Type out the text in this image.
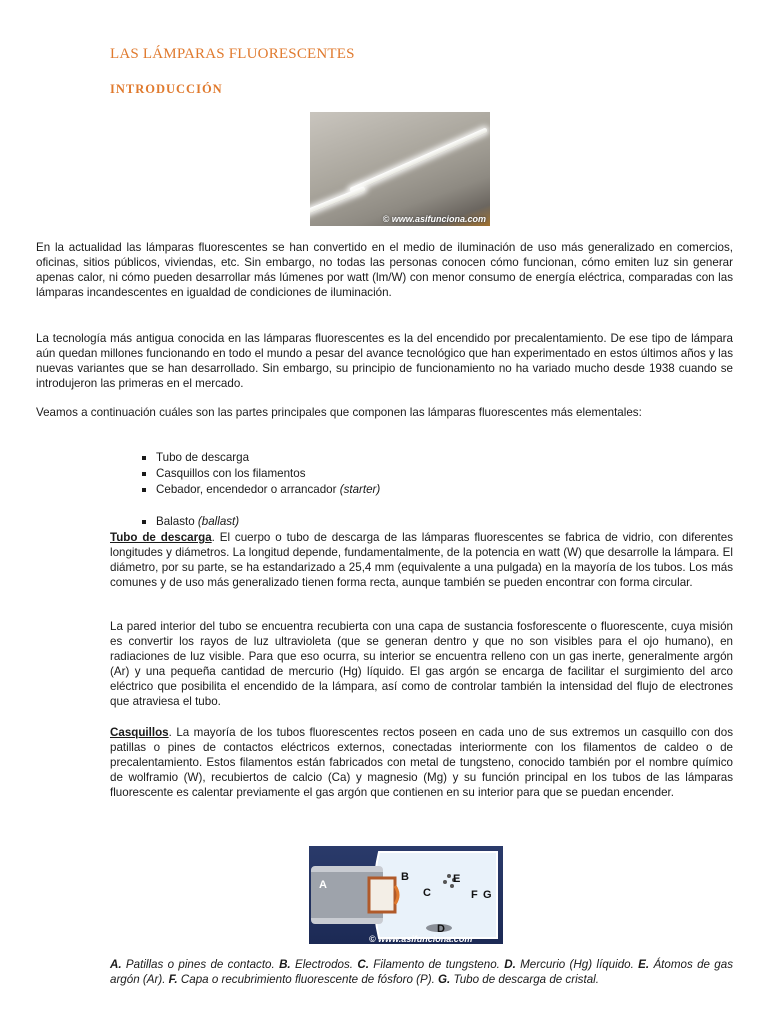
LAS LÁMPARAS FLUORESCENTES
INTRODUCCIÓN
© www.asifunciona.com

En la actualidad las lámparas fluorescentes se han convertido en el medio de iluminación de uso más generalizado en comercios, oficinas, sitios públicos, viviendas, etc. Sin embargo, no todas las personas conocen cómo funcionan, cómo emiten luz sin generar apenas calor, ni cómo pueden desarrollar más lúmenes por watt (lm/W) con menor consumo de energía eléctrica, comparadas con las lámparas incandescentes en igualdad de condiciones de iluminación.

La tecnología más antigua conocida en las lámparas fluorescentes es la del encendido por precalentamiento. De ese tipo de lámpara aún quedan millones funcionando en todo el mundo a pesar del avance tecnológico que han experimentado en estos últimos años y las nuevas variantes que se han desarrollado. Sin embargo, su principio de funcionamiento no ha variado mucho desde 1938 cuando se introdujeron las primeras en el mercado.

Veamos a continuación cuáles son las partes principales que componen las lámparas fluorescentes más elementales:

Tubo de descarga
Casquillos con los filamentos
Cebador, encendedor o arrancador (starter)
Balasto (ballast)

Tubo de descarga. El cuerpo o tubo de descarga de las lámparas fluorescentes se fabrica de vidrio, con diferentes longitudes y diámetros. La longitud depende, fundamentalmente, de la potencia en watt (W) que desarrolle la lámpara. El diámetro, por su parte, se ha estandarizado a 25,4 mm (equivalente a una pulgada) en la mayoría de los tubos. Los más comunes y de uso más generalizado tienen forma recta, aunque también se pueden encontrar con forma circular.

La pared interior del tubo se encuentra recubierta con una capa de sustancia fosforescente o fluorescente, cuya misión es convertir los rayos de luz ultravioleta (que se generan dentro y que no son visibles para el ojo humano), en radiaciones de luz visible. Para que eso ocurra, su interior se encuentra relleno con un gas inerte, generalmente argón (Ar) y una pequeña cantidad de mercurio (Hg) líquido. El gas argón se encarga de facilitar el surgimiento del arco eléctrico que posibilita el encendido de la lámpara, así como de controlar también la intensidad del flujo de electrones que atraviesa el tubo.

Casquillos. La mayoría de los tubos fluorescentes rectos poseen en cada uno de sus extremos un casquillo con dos patillas o pines de contactos eléctricos externos, conectadas interiormente con los filamentos de caldeo o de precalentamiento. Estos filamentos están fabricados con metal de tungsteno, conocido también por el nombre químico de wolframio (W), recubiertos de calcio (Ca) y magnesio (Mg) y su función principal en los tubos de las lámparas fluorescente es calentar previamente el gas argón que contienen en su interior para que se puedan encender.

A
B
C
D
E
F G
© www.asifunciona.com
A. Patillas o pines de contacto. B. Electrodos. C. Filamento de tungsteno. D. Mercurio (Hg) líquido. E. Átomos de gas argón (Ar). F. Capa o recubrimiento fluorescente de fósforo (P). G. Tubo de descarga de cristal.
